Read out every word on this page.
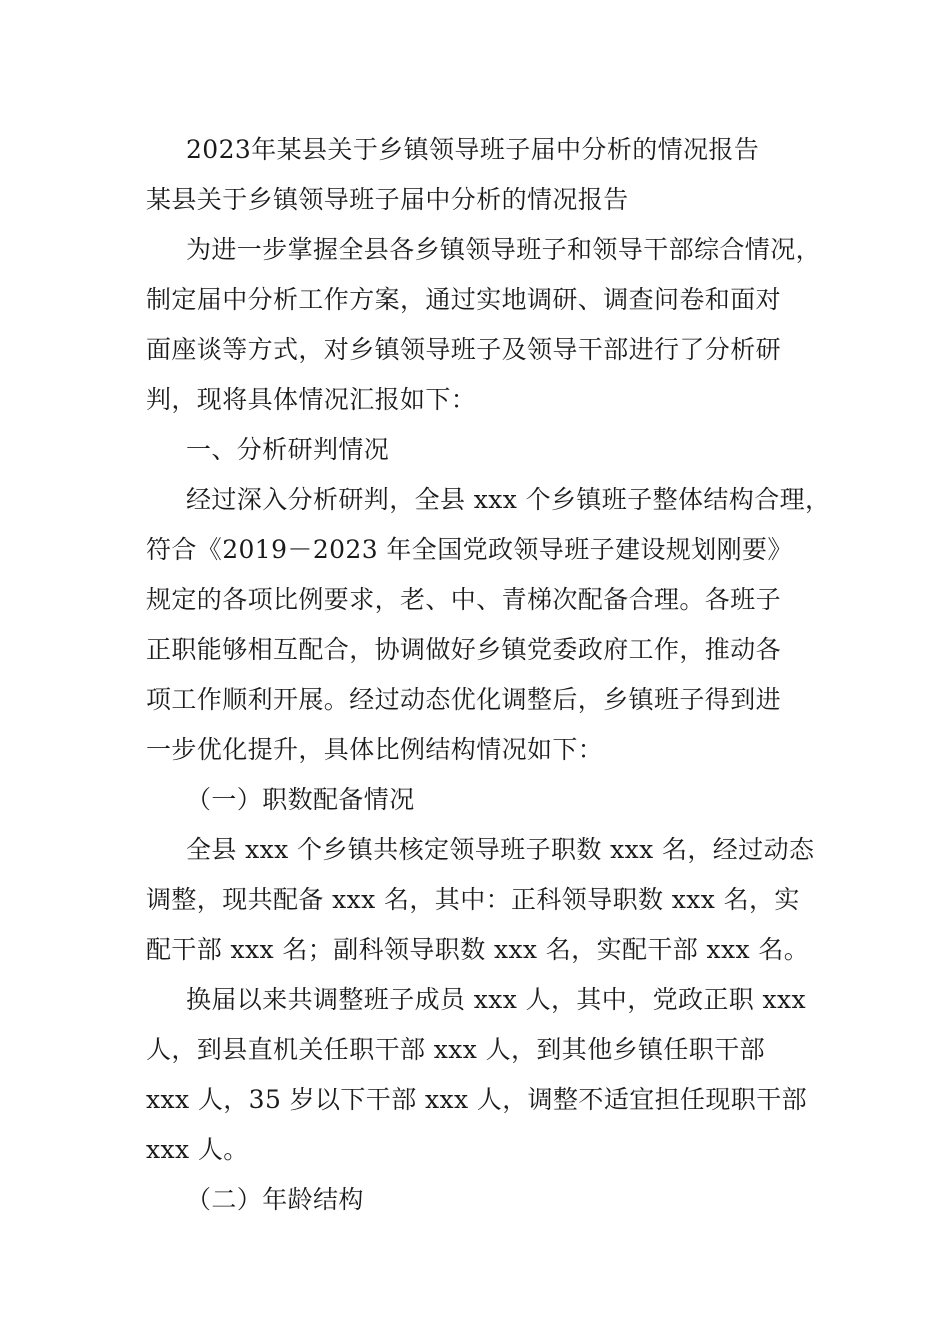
2023年某县关于乡镇领导班子届中分析的情况报告
某县关于乡镇领导班子届中分析的情况报告
为进一步掌握全县各乡镇领导班子和领导干部综合情况，
制定届中分析工作方案，通过实地调研、调查问卷和面对
面座谈等方式，对乡镇领导班子及领导干部进行了分析研
判，现将具体情况汇报如下：
一、分析研判情况
经过深入分析研判，全县 xxx 个乡镇班子整体结构合理，
符合《2019－2023 年全国党政领导班子建设规划刚要》
规定的各项比例要求，老、中、青梯次配备合理。各班子
正职能够相互配合，协调做好乡镇党委政府工作，推动各
项工作顺利开展。经过动态优化调整后，乡镇班子得到进
一步优化提升，具体比例结构情况如下：
（一）职数配备情况
全县 xxx 个乡镇共核定领导班子职数 xxx 名，经过动态
调整，现共配备 xxx 名，其中：正科领导职数 xxx 名，实
配干部 xxx 名；副科领导职数 xxx 名，实配干部 xxx 名。
换届以来共调整班子成员 xxx 人，其中，党政正职 xxx
人，到县直机关任职干部 xxx 人，到其他乡镇任职干部
xxx 人，35 岁以下干部 xxx 人，调整不适宜担任现职干部
xxx 人。
（二）年龄结构
